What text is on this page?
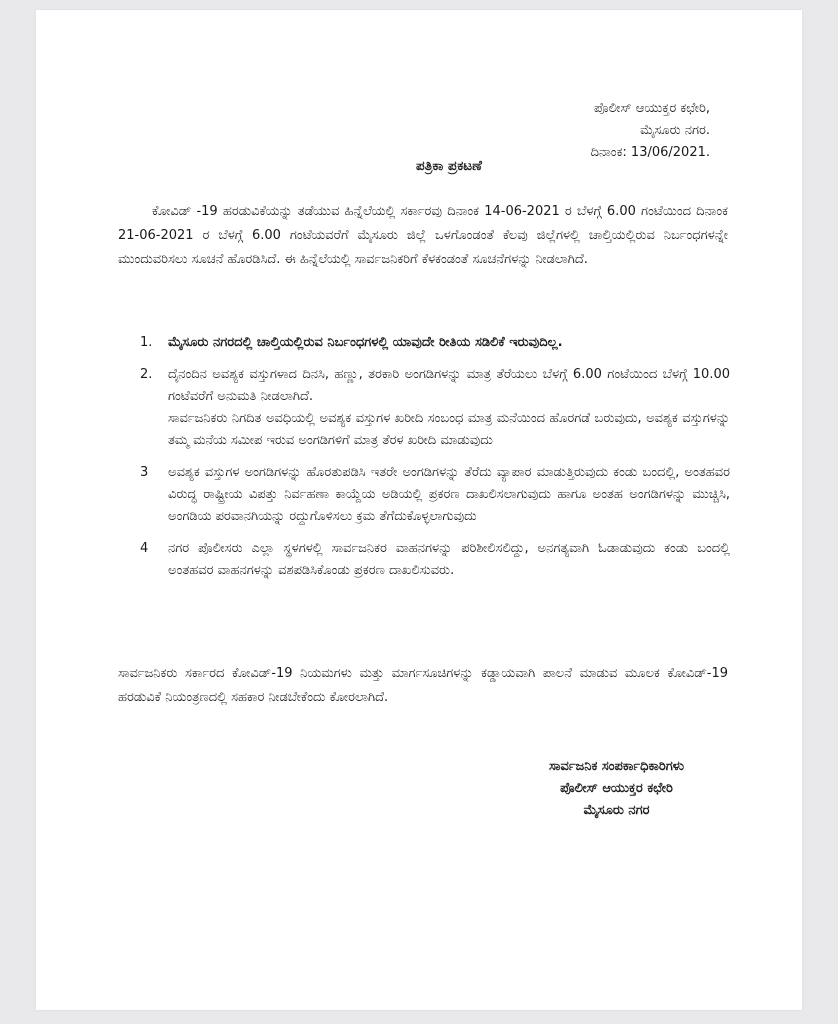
ಪೊಲೀಸ್ ಆಯುಕ್ತರ ಕಛೇರಿ,
ಮೈಸೂರು ನಗರ.
ದಿನಾಂಕ: 13/06/2021.
ಪತ್ರಿಕಾ ಪ್ರಕಟಣೆ
ಕೋವಿಡ್ -19 ಹರಡುವಿಕೆಯನ್ನು ತಡೆಯುವ ಹಿನ್ನೆಲೆಯಲ್ಲಿ ಸರ್ಕಾರವು ದಿನಾಂಕ 14-06-2021 ರ ಬೆಳಗ್ಗೆ 6.00 ಗಂಟೆಯಿಂದ ದಿನಾಂಕ 21-06-2021 ರ ಬೆಳಗ್ಗೆ 6.00 ಗಂಟೆಯವರೆಗೆ ಮೈಸೂರು ಜಿಲ್ಲೆ ಒಳಗೊಂಡಂತೆ ಕೆಲವು ಜಿಲ್ಲೆಗಳಲ್ಲಿ ಚಾಲ್ತಿಯಲ್ಲಿರುವ ನಿರ್ಬಂಧಗಳನ್ನೇ ಮುಂದುವರಿಸಲು ಸೂಚನೆ ಹೊರಡಿಸಿದೆ. ಈ ಹಿನ್ನೆಲೆಯಲ್ಲಿ ಸಾರ್ವಜನಿಕರಿಗೆ ಕೆಳಕಂಡಂತೆ ಸೂಚನೆಗಳನ್ನು ನೀಡಲಾಗಿದೆ.
1.	ಮೈಸೂರು ನಗರದಲ್ಲಿ ಚಾಲ್ತಿಯಲ್ಲಿರುವ ನಿರ್ಬಂಧಗಳಲ್ಲಿ ಯಾವುದೇ ರೀತಿಯ ಸಡಿಲಿಕೆ ಇರುವುದಿಲ್ಲ.
2.	ದೈನಂದಿನ ಅವಶ್ಯಕ ವಸ್ತುಗಳಾದ ದಿನಸಿ, ಹಣ್ಣು, ತರಕಾರಿ ಅಂಗಡಿಗಳನ್ನು ಮಾತ್ರ ತೆರೆಯಲು ಬೆಳಗ್ಗೆ 6.00 ಗಂಟೆಯಿಂದ ಬೆಳಗ್ಗೆ 10.00 ಗಂಟೆವರೆಗೆ ಅನುಮತಿ ನೀಡಲಾಗಿದೆ.
ಸಾರ್ವಜನಿಕರು ನಿಗದಿತ ಅವಧಿಯಲ್ಲಿ ಅವಶ್ಯಕ ವಸ್ತುಗಳ ಖರೀದಿ ಸಂಬಂಧ ಮಾತ್ರ ಮನೆಯಿಂದ ಹೊರಗಡೆ ಬರುವುದು, ಅವಶ್ಯಕ ವಸ್ತುಗಳನ್ನು ತಮ್ಮ ಮನೆಯ ಸಮೀಪ ಇರುವ ಅಂಗಡಿಗಳಿಗೆ ಮಾತ್ರ ತೆರಳ ಖರೀದಿ ಮಾಡುವುದು
3	ಅವಶ್ಯಕ ವಸ್ತುಗಳ ಅಂಗಡಿಗಳನ್ನು ಹೊರತುಪಡಿಸಿ ಇತರೇ ಅಂಗಡಿಗಳನ್ನು ತೆರೆದು ವ್ಯಾಪಾರ ಮಾಡುತ್ತಿರುವುದು ಕಂಡು ಬಂದಲ್ಲಿ, ಅಂತಹವರ ವಿರುದ್ಧ ರಾಷ್ಟ್ರೀಯ ವಿಪತ್ತು ನಿರ್ವಹಣಾ ಕಾಯ್ದೆಯ ಅಡಿಯಲ್ಲಿ ಪ್ರಕರಣ ದಾಖಲಿಸಲಾಗುವುದು ಹಾಗೂ ಅಂತಹ ಅಂಗಡಿಗಳನ್ನು ಮುಚ್ಚಿಸಿ, ಅಂಗಡಿಯ ಪರವಾನಗಿಯನ್ನು ರದ್ದುಗೊಳಿಸಲು ಕ್ರಮ ತೆಗೆದುಕೊಳ್ಳಲಾಗುವುದು
4	ನಗರ ಪೊಲೀಸರು ಎಲ್ಲಾ ಸ್ಥಳಗಳಲ್ಲಿ ಸಾರ್ವಜನಿಕರ ವಾಹನಗಳನ್ನು ಪರಿಶೀಲಿಸಲಿದ್ದು, ಅನಗತ್ಯವಾಗಿ ಓಡಾಡುವುದು ಕಂಡು ಬಂದಲ್ಲಿ ಅಂತಹವರ ವಾಹನಗಳನ್ನು ವಶಪಡಿಸಿಕೊಂಡು ಪ್ರಕರಣ ದಾಖಲಿಸುವರು.
ಸಾರ್ವಜನಿಕರು ಸರ್ಕಾರದ ಕೋವಿಡ್-19 ನಿಯಮಗಳು ಮತ್ತು ಮಾರ್ಗಸೂಚಿಗಳನ್ನು ಕಡ್ಡಾಯವಾಗಿ ಪಾಲನೆ ಮಾಡುವ ಮೂಲಕ ಕೋವಿಡ್-19 ಹರಡುವಿಕೆ ನಿಯಂತ್ರಣದಲ್ಲಿ ಸಹಕಾರ ನೀಡಬೇಕೆಂದು ಕೋರಲಾಗಿದೆ.
ಸಾರ್ವಜನಿಕ ಸಂಪರ್ಕಾಧಿಕಾರಿಗಳು
ಪೊಲೀಸ್ ಆಯುಕ್ತರ ಕಛೇರಿ
ಮೈಸೂರು ನಗರ
